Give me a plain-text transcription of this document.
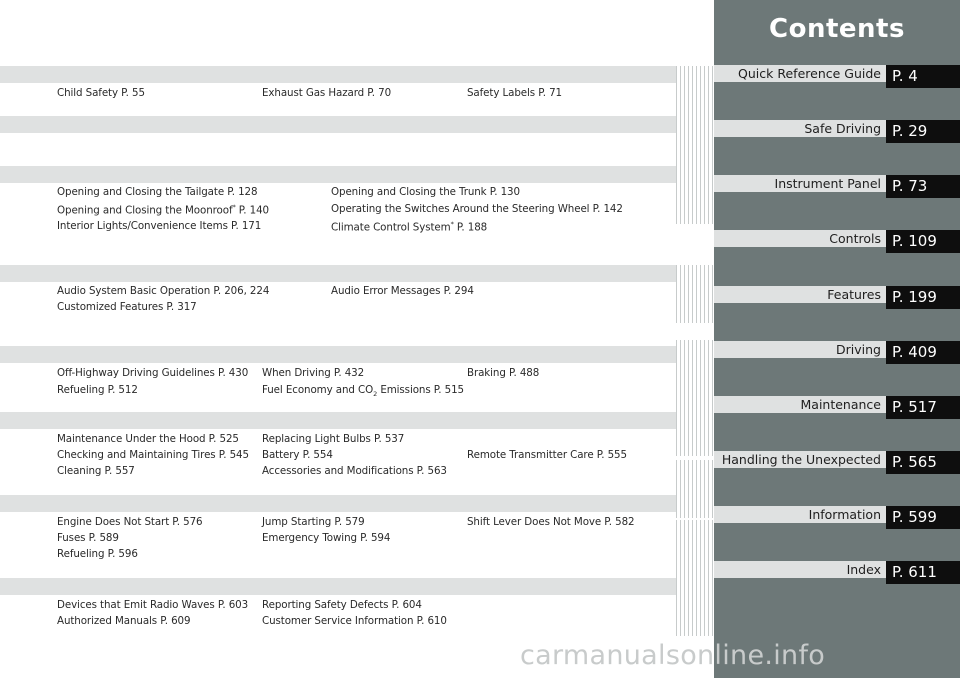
Child Safety P. 55	Exhaust Gas Hazard P. 70	Safety Labels P. 71
Opening and Closing the Tailgate P. 128	Opening and Closing the Trunk P. 130
Opening and Closing the Moonroof* P. 140	Operating the Switches Around the Steering Wheel P. 142
Interior Lights/Convenience Items P. 171	Climate Control System* P. 188
Audio System Basic Operation P. 206, 224	Audio Error Messages P. 294
Customized Features P. 317
Off-Highway Driving Guidelines P. 430 When Driving P. 432	Braking P. 488
Refueling P. 512	Fuel Economy and $CO_2$ Emissions P. 515
Maintenance Under the Hood P. 525 Replacing Light Bulbs P. 537
Checking and Maintaining Tires P. 545 Battery P. 554	Remote Transmitter Care P. 555
Cleaning P. 557	Accessories and Modifications P. 563
Engine Does Not Start P. 576	Jump Starting P. 579	Shift Lever Does Not Move P. 582
Fuses P. 589	Emergency Towing P. 594
Refueling P. 596
Devices that Emit Radio Waves P. 603 Reporting Safety Defects P. 604
Authorized Manuals P. 609	Customer Service Information P. 610
Contents
Quick Reference Guide P. 4
Safe Driving P. 29
Instrument Panel P. 73
Controls P. 109
Features P. 199
Driving P. 409
Maintenance P. 517
Handling the Unexpected P. 565
Information P. 599
Index P. 611
carmanualsonline.info
